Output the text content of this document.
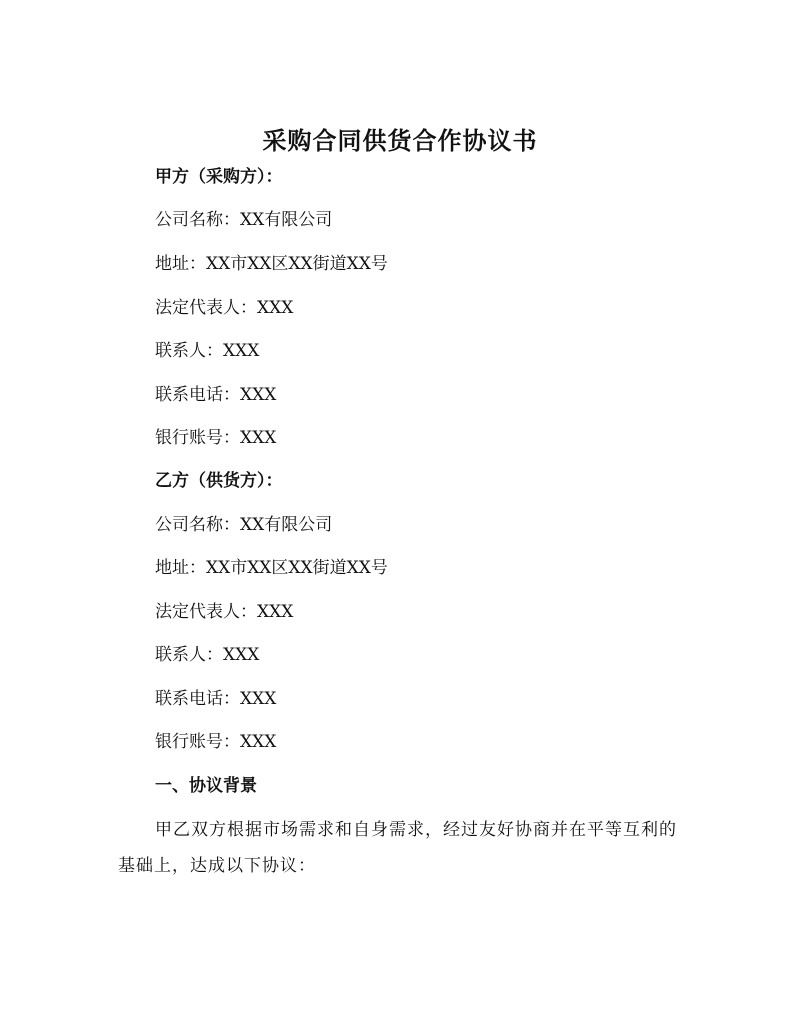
采购合同供货合作协议书
甲方（采购方）：
公司名称：XX有限公司
地址：XX市XX区XX街道XX号
法定代表人：XXX
联系人：XXX
联系电话：XXX
银行账号：XXX
乙方（供货方）：
公司名称：XX有限公司
地址：XX市XX区XX街道XX号
法定代表人：XXX
联系人：XXX
联系电话：XXX
银行账号：XXX
一、协议背景
甲乙双方根据市场需求和自身需求，经过友好协商并在平等互利的基础上，达成以下协议：
